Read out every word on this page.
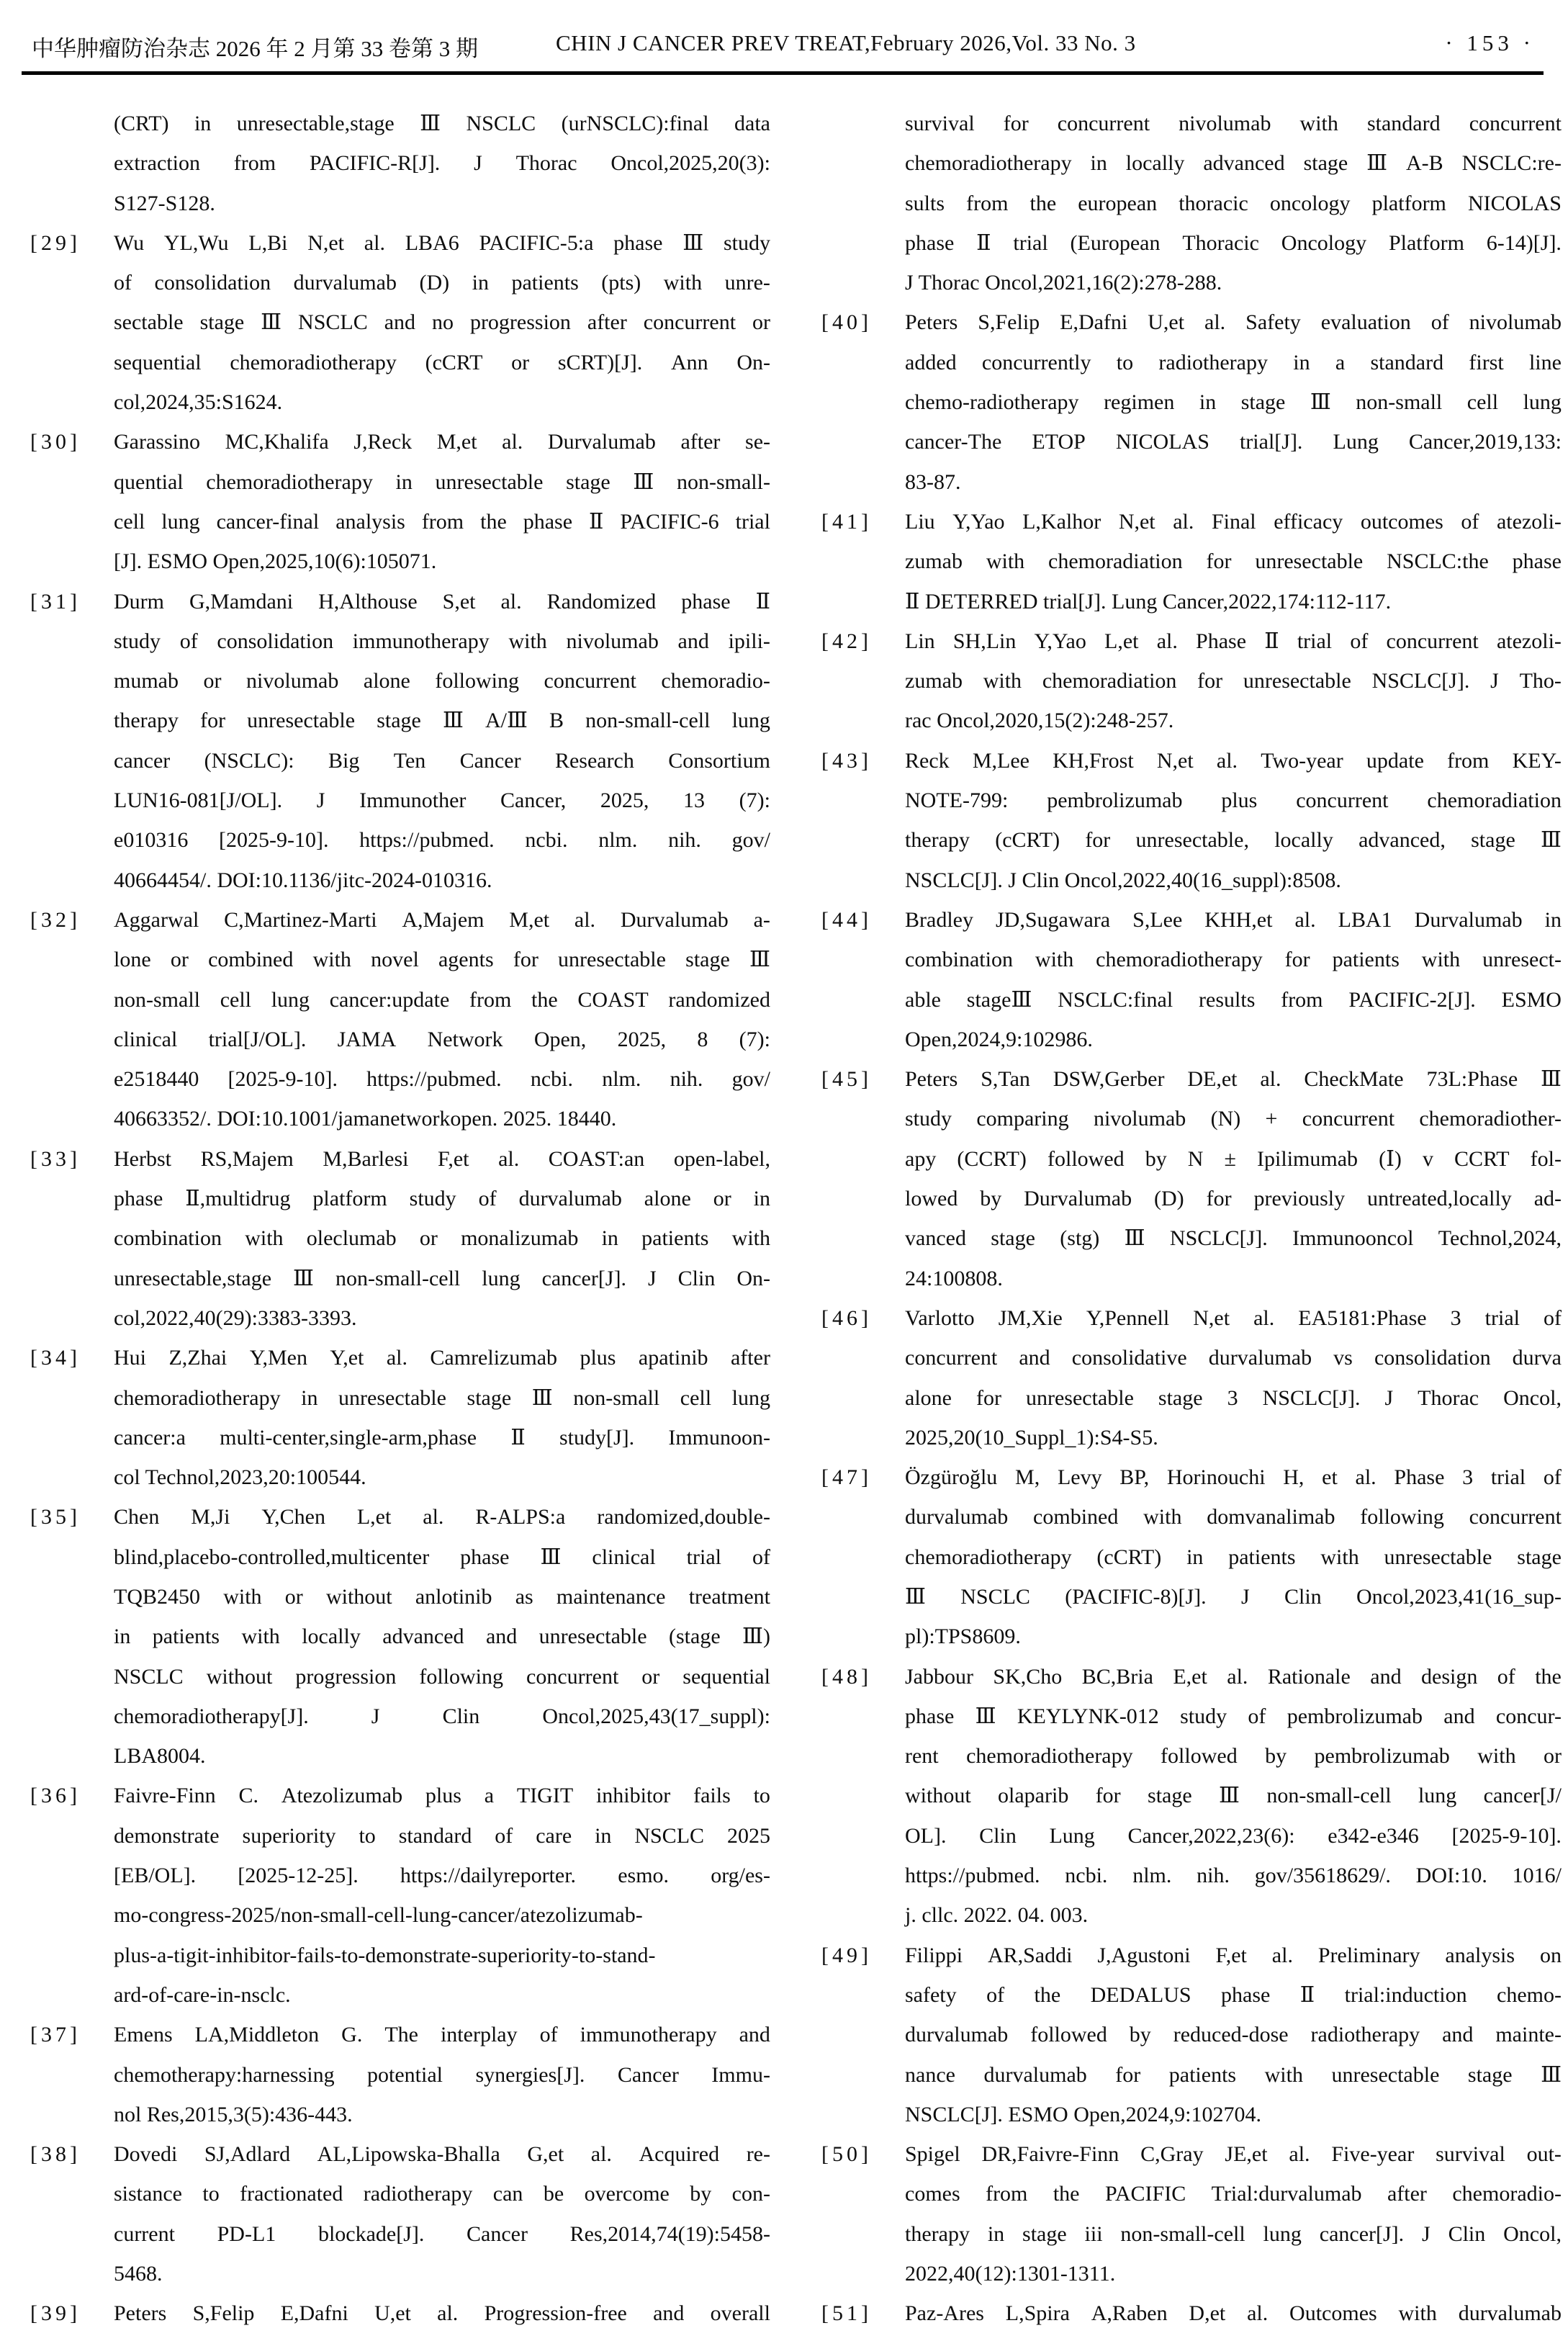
中华肿瘤防治杂志 2026 年 2 月第 33 卷第 3 期	CHIN J CANCER PREV TREAT,February 2026,Vol. 33 No. 3	· 153 ·
(CRT) in unresectable,stage Ⅲ NSCLC (urNSCLC):final data
extraction from PACIFIC-R[J]. J Thorac Oncol,2025,20(3):
S127-S128.
[29] Wu YL,Wu L,Bi N,et al. LBA6 PACIFIC-5:a phase Ⅲ study
of consolidation durvalumab (D) in patients (pts) with unre-
sectable stage Ⅲ NSCLC and no progression after concurrent or
sequential chemoradiotherapy (cCRT or sCRT)[J]. Ann On-
col,2024,35:S1624.
[30] Garassino MC,Khalifa J,Reck M,et al. Durvalumab after se-
quential chemoradiotherapy in unresectable stage Ⅲ non-small-
cell lung cancer-final analysis from the phase Ⅱ PACIFIC-6 trial
[J]. ESMO Open,2025,10(6):105071.
[31] Durm G,Mamdani H,Althouse S,et al. Randomized phase Ⅱ
study of consolidation immunotherapy with nivolumab and ipili-
mumab or nivolumab alone following concurrent chemoradio-
therapy for unresectable stage Ⅲ A/Ⅲ B non-small-cell lung
cancer (NSCLC): Big Ten Cancer Research Consortium
LUN16-081[J/OL]. J Immunother Cancer, 2025, 13 (7):
e010316 [2025-9-10]. https://pubmed. ncbi. nlm. nih. gov/
40664454/. DOI:10.1136/jitc-2024-010316.
[32] Aggarwal C,Martinez-Marti A,Majem M,et al. Durvalumab a-
lone or combined with novel agents for unresectable stage Ⅲ
non-small cell lung cancer:update from the COAST randomized
clinical trial[J/OL]. JAMA Network Open, 2025, 8 (7):
e2518440 [2025-9-10]. https://pubmed. ncbi. nlm. nih. gov/
40663352/. DOI:10.1001/jamanetworkopen. 2025. 18440.
[33] Herbst RS,Majem M,Barlesi F,et al. COAST:an open-label,
phase Ⅱ,multidrug platform study of durvalumab alone or in
combination with oleclumab or monalizumab in patients with
unresectable,stage Ⅲ non-small-cell lung cancer[J]. J Clin On-
col,2022,40(29):3383-3393.
[34] Hui Z,Zhai Y,Men Y,et al. Camrelizumab plus apatinib after
chemoradiotherapy in unresectable stage Ⅲ non-small cell lung
cancer:a multi-center,single-arm,phase Ⅱ study[J]. Immunoon-
col Technol,2023,20:100544.
[35] Chen M,Ji Y,Chen L,et al. R-ALPS:a randomized,double-
blind,placebo-controlled,multicenter phase Ⅲ clinical trial of
TQB2450 with or without anlotinib as maintenance treatment
in patients with locally advanced and unresectable (stage Ⅲ)
NSCLC without progression following concurrent or sequential
chemoradiotherapy[J].	J	Clin	Oncol,2025,43(17_suppl):
LBA8004.
[36] Faivre-Finn C. Atezolizumab plus a TIGIT inhibitor fails to
demonstrate superiority to standard of care in NSCLC 2025
[EB/OL]. [2025-12-25]. https://dailyreporter. esmo. org/es-
mo-congress-2025/non-small-cell-lung-cancer/atezolizumab-
plus-a-tigit-inhibitor-fails-to-demonstrate-superiority-to-stand-
ard-of-care-in-nsclc.
[37] Emens LA,Middleton G. The interplay of immunotherapy and
chemotherapy:harnessing potential synergies[J]. Cancer Immu-
nol Res,2015,3(5):436-443.
[38] Dovedi SJ,Adlard AL,Lipowska-Bhalla G,et al. Acquired re-
sistance to fractionated radiotherapy can be overcome by con-
current PD-L1 blockade[J]. Cancer Res,2014,74(19):5458-
5468.
[39] Peters S,Felip E,Dafni U,et al. Progression-free and overall
survival for concurrent nivolumab with standard concurrent
chemoradiotherapy in locally advanced stage Ⅲ A-B NSCLC:re-
sults from the european thoracic oncology platform NICOLAS
phase Ⅱ trial (European Thoracic Oncology Platform 6-14)[J].
J Thorac Oncol,2021,16(2):278-288.
[40] Peters S,Felip E,Dafni U,et al. Safety evaluation of nivolumab
added concurrently to radiotherapy in a standard first line
chemo-radiotherapy regimen in stage Ⅲ non-small cell lung
cancer-The ETOP NICOLAS trial[J]. Lung Cancer,2019,133:
83-87.
[41] Liu Y,Yao L,Kalhor N,et al. Final efficacy outcomes of atezoli-
zumab with chemoradiation for unresectable NSCLC:the phase
Ⅱ DETERRED trial[J]. Lung Cancer,2022,174:112-117.
[42] Lin SH,Lin Y,Yao L,et al. Phase Ⅱ trial of concurrent atezoli-
zumab with chemoradiation for unresectable NSCLC[J]. J Tho-
rac Oncol,2020,15(2):248-257.
[43] Reck M,Lee KH,Frost N,et al. Two-year update from KEY-
NOTE-799: pembrolizumab plus concurrent chemoradiation
therapy (cCRT) for unresectable, locally advanced, stage Ⅲ
NSCLC[J]. J Clin Oncol,2022,40(16_suppl):8508.
[44] Bradley JD,Sugawara S,Lee KHH,et al. LBA1 Durvalumab in
combination with chemoradiotherapy for patients with unresect-
able stageⅢ NSCLC:final results from PACIFIC-2[J]. ESMO
Open,2024,9:102986.
[45] Peters S,Tan DSW,Gerber DE,et al. CheckMate 73L:Phase Ⅲ
study comparing nivolumab (N) + concurrent chemoradiother-
apy (CCRT) followed by N ± Ipilimumab (Ⅰ) v CCRT fol-
lowed by Durvalumab (D) for previously untreated,locally ad-
vanced stage (stg) Ⅲ NSCLC[J]. Immunooncol Technol,2024,
24:100808.
[46] Varlotto JM,Xie Y,Pennell N,et al. EA5181:Phase 3 trial of
concurrent and consolidative durvalumab vs consolidation durva
alone for unresectable stage 3 NSCLC[J]. J Thorac Oncol,
2025,20(10_Suppl_1):S4-S5.
[47] Özgüroğlu M, Levy BP, Horinouchi H, et al. Phase 3 trial of
durvalumab combined with domvanalimab following concurrent
chemoradiotherapy (cCRT) in patients with unresectable stage
Ⅲ NSCLC (PACIFIC-8)[J]. J Clin Oncol,2023,41(16_sup-
pl):TPS8609.
[48] Jabbour SK,Cho BC,Bria E,et al. Rationale and design of the
phase Ⅲ KEYLYNK-012 study of pembrolizumab and concur-
rent chemoradiotherapy followed by pembrolizumab with or
without olaparib for stage Ⅲ non-small-cell lung cancer[J/
OL]. Clin Lung Cancer,2022,23(6): e342-e346 [2025-9-10].
https://pubmed. ncbi. nlm. nih. gov/35618629/. DOI:10. 1016/
j. cllc. 2022. 04. 003.
[49] Filippi AR,Saddi J,Agustoni F,et al. Preliminary analysis on
safety of the DEDALUS phase Ⅱ trial:induction chemo-
durvalumab followed by reduced-dose radiotherapy and mainte-
nance durvalumab for patients with unresectable stage Ⅲ
NSCLC[J]. ESMO Open,2024,9:102704.
[50] Spigel DR,Faivre-Finn C,Gray JE,et al. Five-year survival out-
comes from the PACIFIC Trial:durvalumab after chemoradio-
therapy in stage iii non-small-cell lung cancer[J]. J Clin Oncol,
2022,40(12):1301-1311.
[51] Paz-Ares L,Spira A,Raben D,et al. Outcomes with durvalumab
